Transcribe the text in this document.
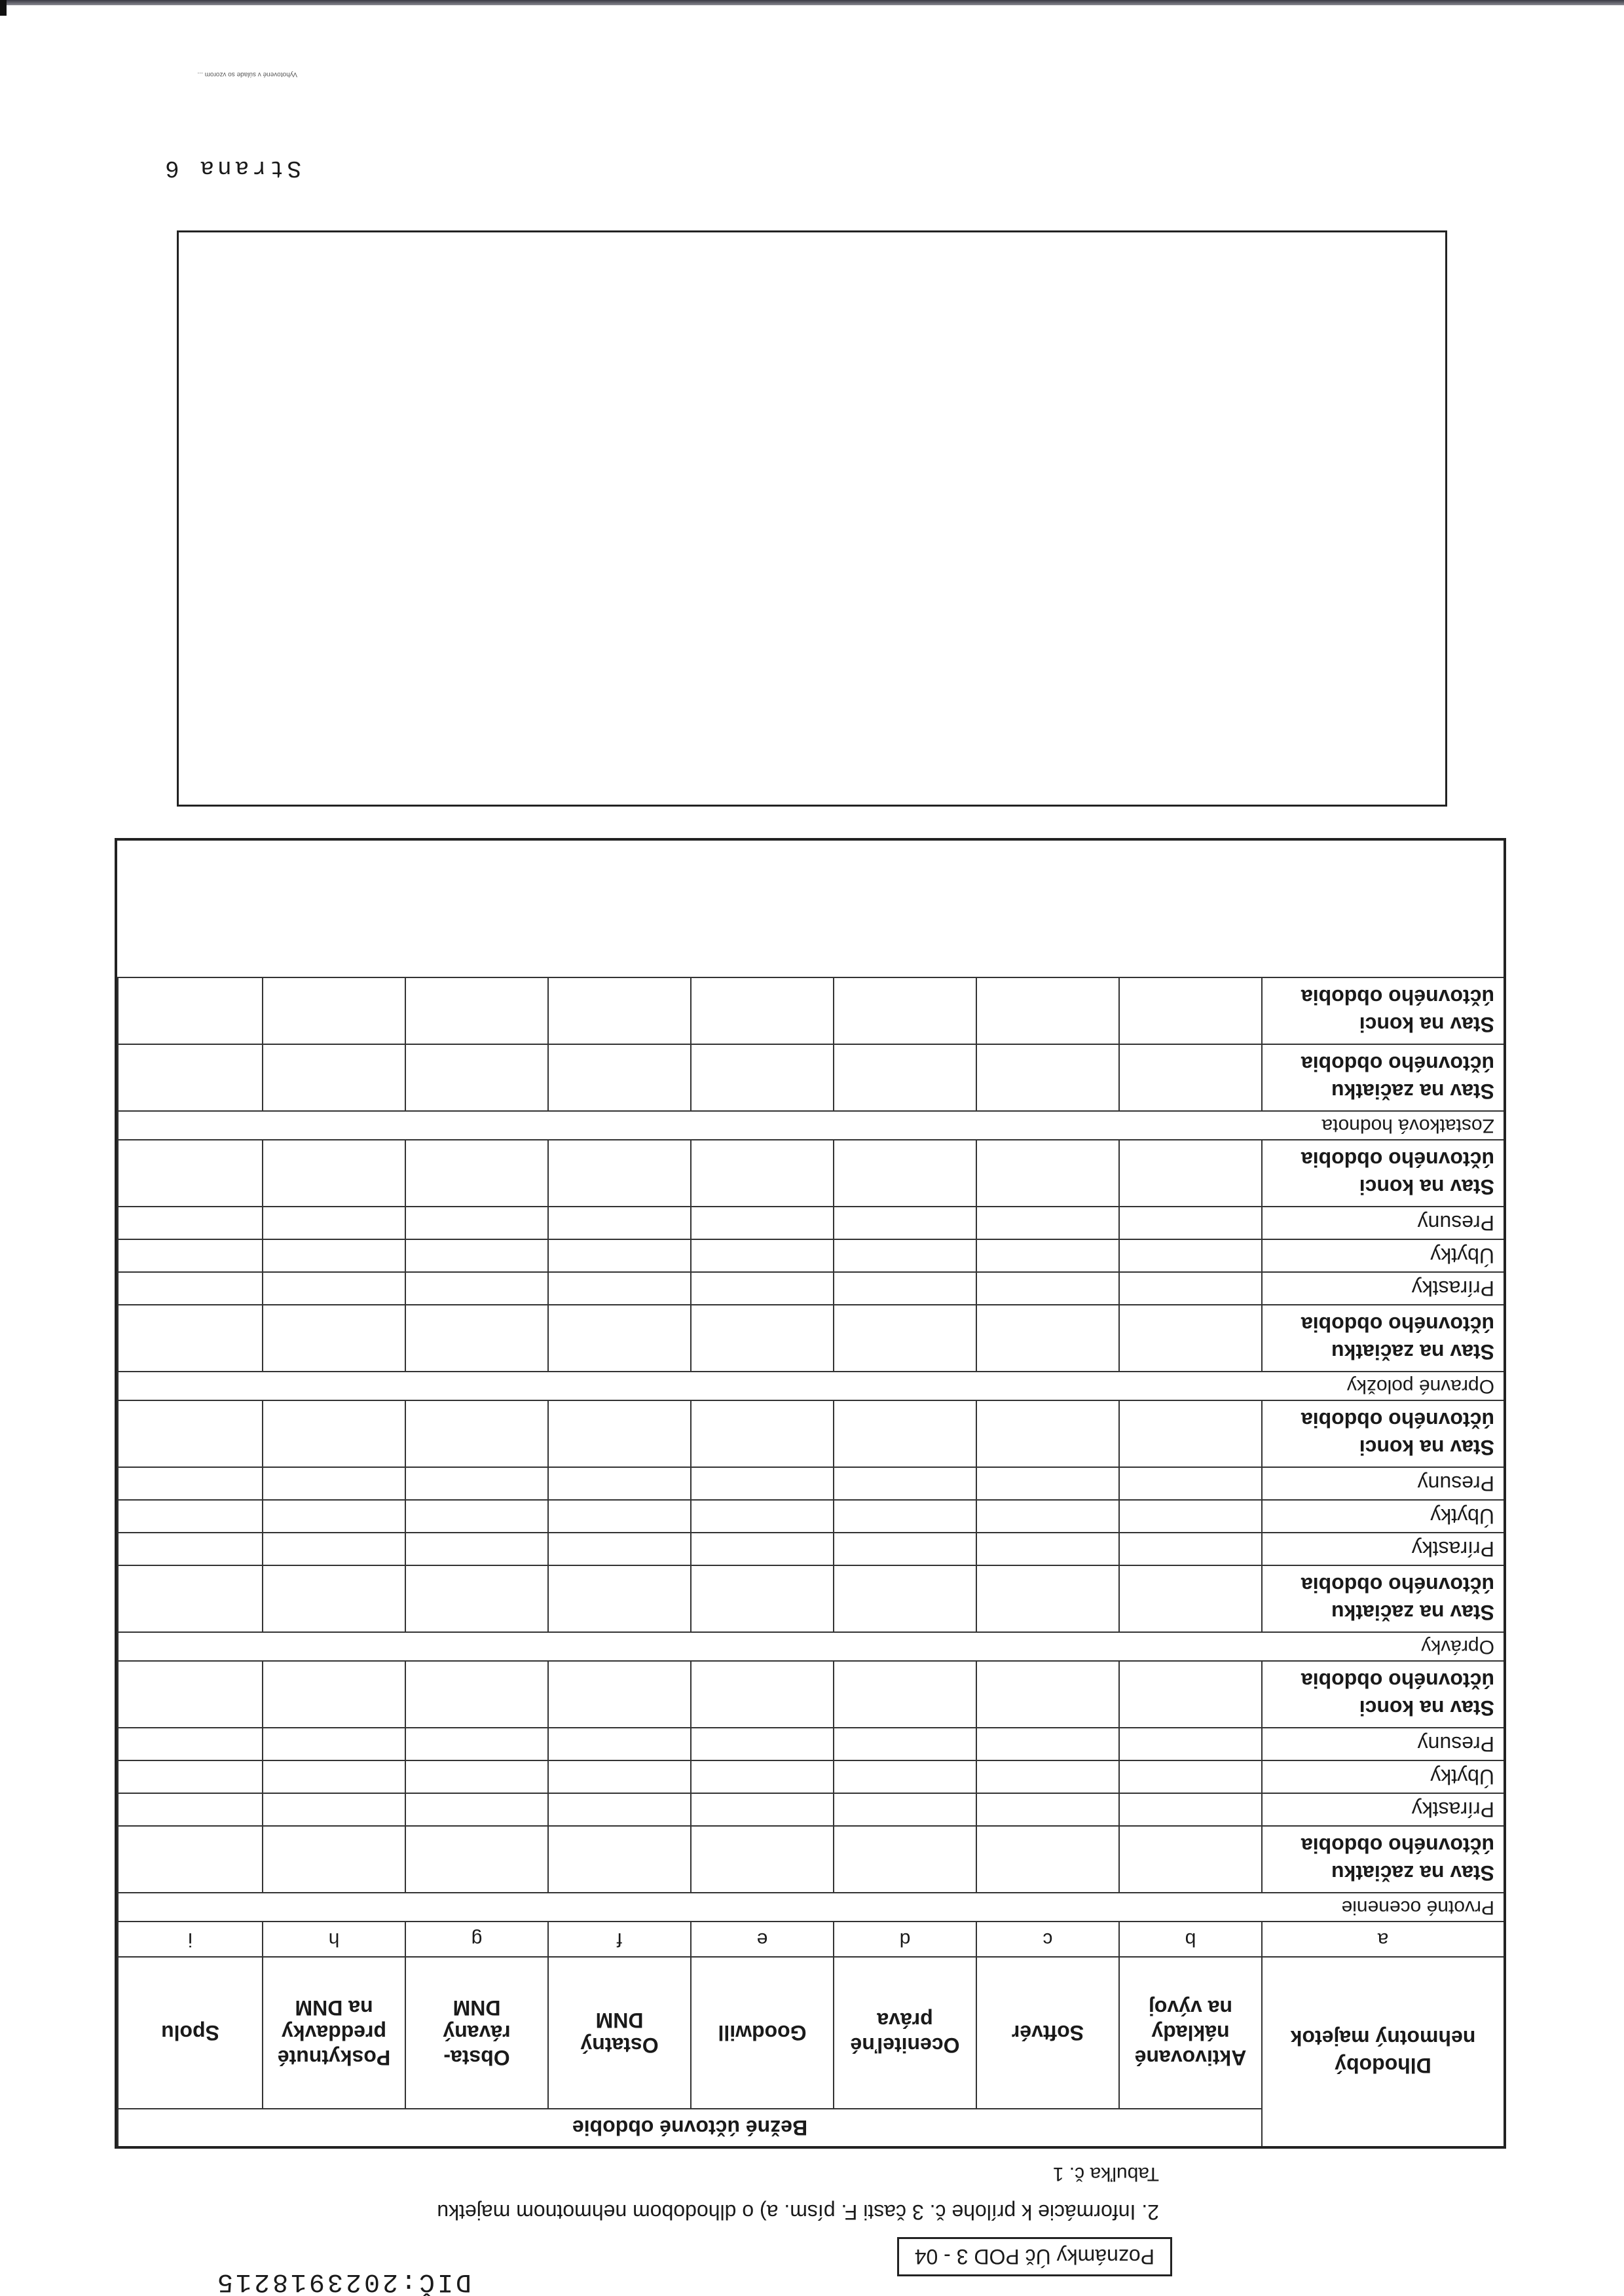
DIČ:2023918215
Poznámky Úč POD 3 - 04
2. Informácie k prílohe č. 3 časti F. písm. a) o dlhodobom nehmotnom majetku
Tabuľka č. 1
Dlhodobý
nehmotný majetok
Bežné účtovné obdobie
Aktivované
náklady
na vývoj
b
Softvér
c
Oceniteľné
práva
d
Goodwill
e
Ostatný
DNM
f
Obsta-
rávaný
DNM
g
Poskytnuté
preddavky
na DNM
h
Spolu
i	a
Prvotné ocenenie
Stav na začiatku
účtovného obdobia
Prírastky
Úbytky
Presuny
Stav na konci
účtovného obdobia
Oprávky
Stav na začiatku
účtovného obdobia
Prírastky
Úbytky
Presuny
Stav na konci
účtovného obdobia
Opravné položky
Stav na začiatku
účtovného obdobia
Prírastky
Úbytky
Presuny
Stav na konci
účtovného obdobia
Zostatková hodnota
Stav na začiatku
účtovného obdobia
Stav na konci
účtovného obdobia
Strana 6
Vyhotovené v súlade so vzorom ...
